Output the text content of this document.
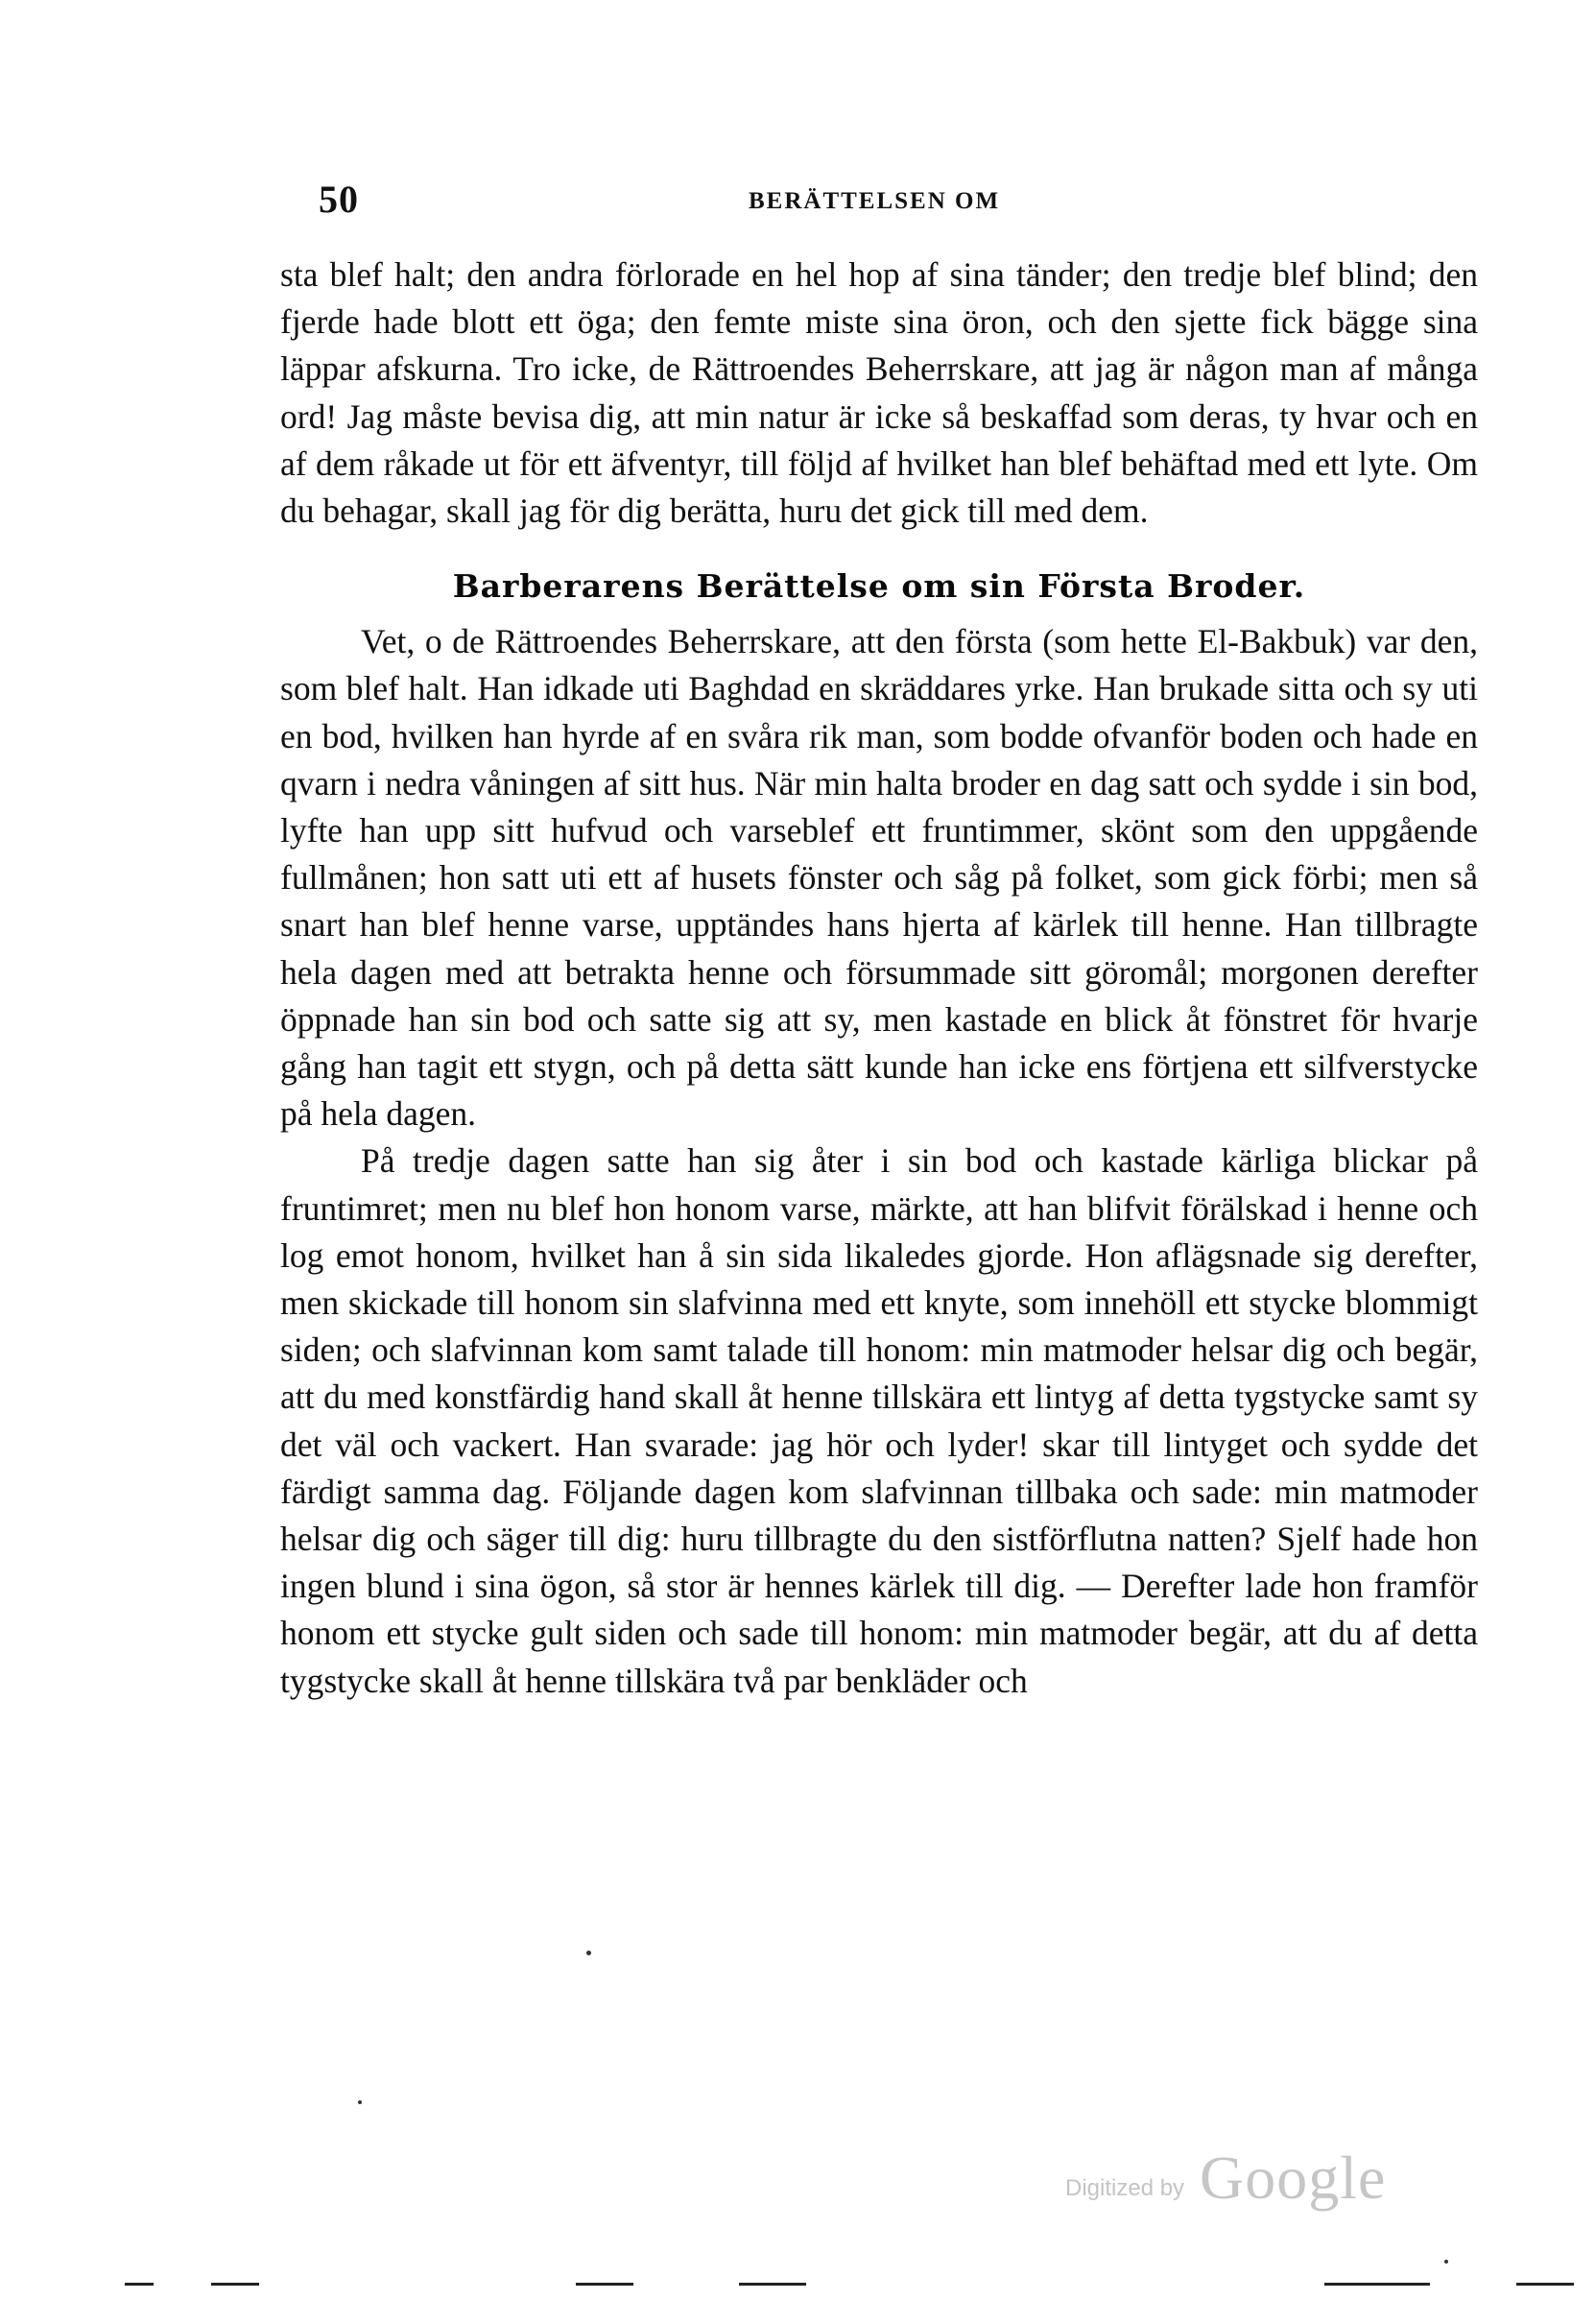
50	BERÄTTELSEN OM

sta blef halt; den andra förlorade en hel hop af sina tänder; den tredje blef blind; den fjerde hade blott ett öga; den femte miste sina öron, och den sjette fick bägge sina läppar afskurna. Tro icke, de Rättroendes Beherrskare, att jag är någon man af många ord! Jag måste bevisa dig, att min natur är icke så beskaffad som deras, ty hvar och en af dem råkade ut för ett äfventyr, till följd af hvilket han blef behäftad med ett lyte. Om du behagar, skall jag för dig berätta, huru det gick till med dem.

Barberarens Berättelse om sin Första Broder.

Vet, o de Rättroendes Beherrskare, att den första (som hette El-Bakbuk) var den, som blef halt. Han idkade uti Baghdad en skräddares yrke. Han brukade sitta och sy uti en bod, hvilken han hyrde af en svåra rik man, som bodde ofvanför boden och hade en qvarn i nedra våningen af sitt hus. När min halta broder en dag satt och sydde i sin bod, lyfte han upp sitt hufvud och varseblef ett fruntimmer, skönt som den uppgående fullmånen; hon satt uti ett af husets fönster och såg på folket, som gick förbi; men så snart han blef henne varse, upptändes hans hjerta af kärlek till henne. Han tillbragte hela dagen med att betrakta henne och försummade sitt göromål; morgonen derefter öppnade han sin bod och satte sig att sy, men kastade en blick åt fönstret för hvarje gång han tagit ett stygn, och på detta sätt kunde han icke ens förtjena ett silfverstycke på hela dagen.

På tredje dagen satte han sig åter i sin bod och kastade kärliga blickar på fruntimret; men nu blef hon honom varse, märkte, att han blifvit förälskad i henne och log emot honom, hvilket han å sin sida likaledes gjorde. Hon aflägsnade sig derefter, men skickade till honom sin slafvinna med ett knyte, som innehöll ett stycke blommigt siden; och slafvinnan kom samt talade till honom: min matmoder helsar dig och begär, att du med konstfärdig hand skall åt henne tillskära ett lintyg af detta tygstycke samt sy det väl och vackert. Han svarade: jag hör och lyder! skar till lintyget och sydde det färdigt samma dag. Följande dagen kom slafvinnan tillbaka och sade: min matmoder helsar dig och säger till dig: huru tillbragte du den sistförflutna natten? Sjelf hade hon ingen blund i sina ögon, så stor är hennes kärlek till dig. — Derefter lade hon framför honom ett stycke gult siden och sade till honom: min matmoder begär, att du af detta tygstycke skall åt henne tillskära två par benkläder och

Digitized by Google
